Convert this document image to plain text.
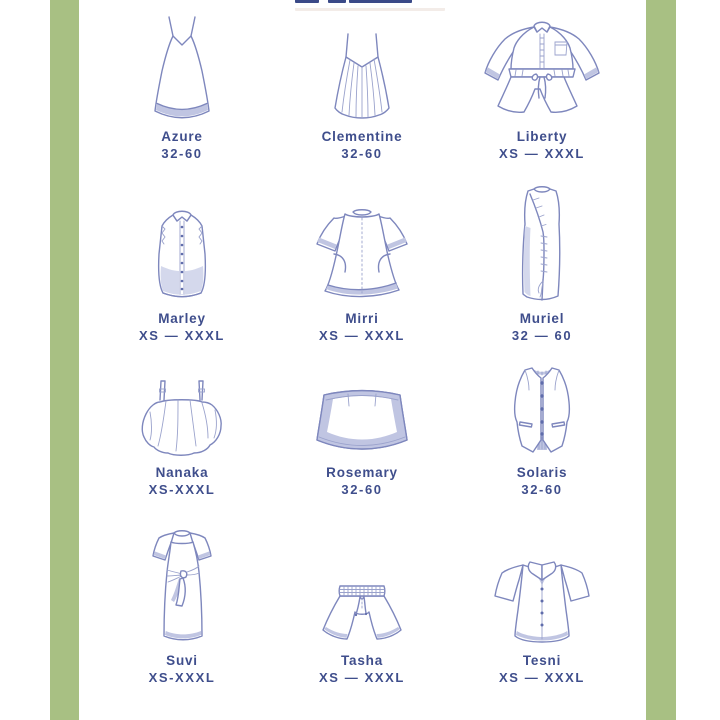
Azure
32-60
Clementine
32-60
Liberty
XS — XXXL
Marley
XS — XXXL
Mirri
XS — XXXL
Muriel
32 — 60
Nanaka
XS-XXXL
Rosemary
32-60
Solaris
32-60
Suvi
XS-XXXL
Tasha
XS — XXXL
Tesni
XS — XXXL
